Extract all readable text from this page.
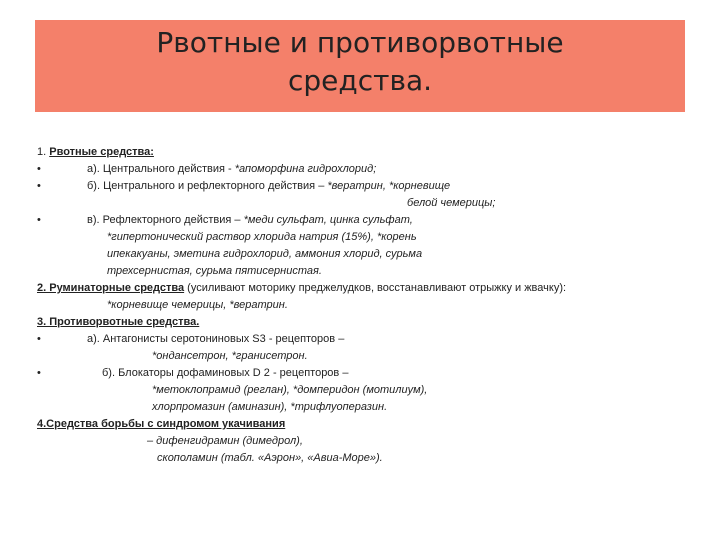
Рвотные и противорвотные
средства.
1. Рвотные средства:
•	а). Центрального действия - *апоморфина гидрохлорид;
•	б). Центрального и рефлекторного действия – *вератрин, *корневище
белой чемерицы;
•	в). Рефлекторного действия – *меди сульфат, цинка сульфат,
*гипертонический раствор хлорида натрия (15%), *корень
ипекакуаны, эметина гидрохлорид, аммония хлорид, сурьма
трехсернистая, сурьма пятисернистая.
2. Руминаторные средства (усиливают моторику преджелудков, восстанавливают отрыжку и жвачку):
*корневище чемерицы, *вератрин.
3. Противорвотные средства.
•	а). Антагонисты серотониновых S3 - рецепторов –
*ондансетрон, *гранисетрон.
•	б). Блокаторы дофаминовых D 2 - рецепторов –
*метоклопрамид (реглан), *домперидон (мотилиум),
хлорпромазин (аминазин), *трифлуоперазин.
4.Средства борьбы с синдромом укачивания
– дифенгидрамин (димедрол),
скополамин (табл. «Аэрон», «Авиа-Море»).
